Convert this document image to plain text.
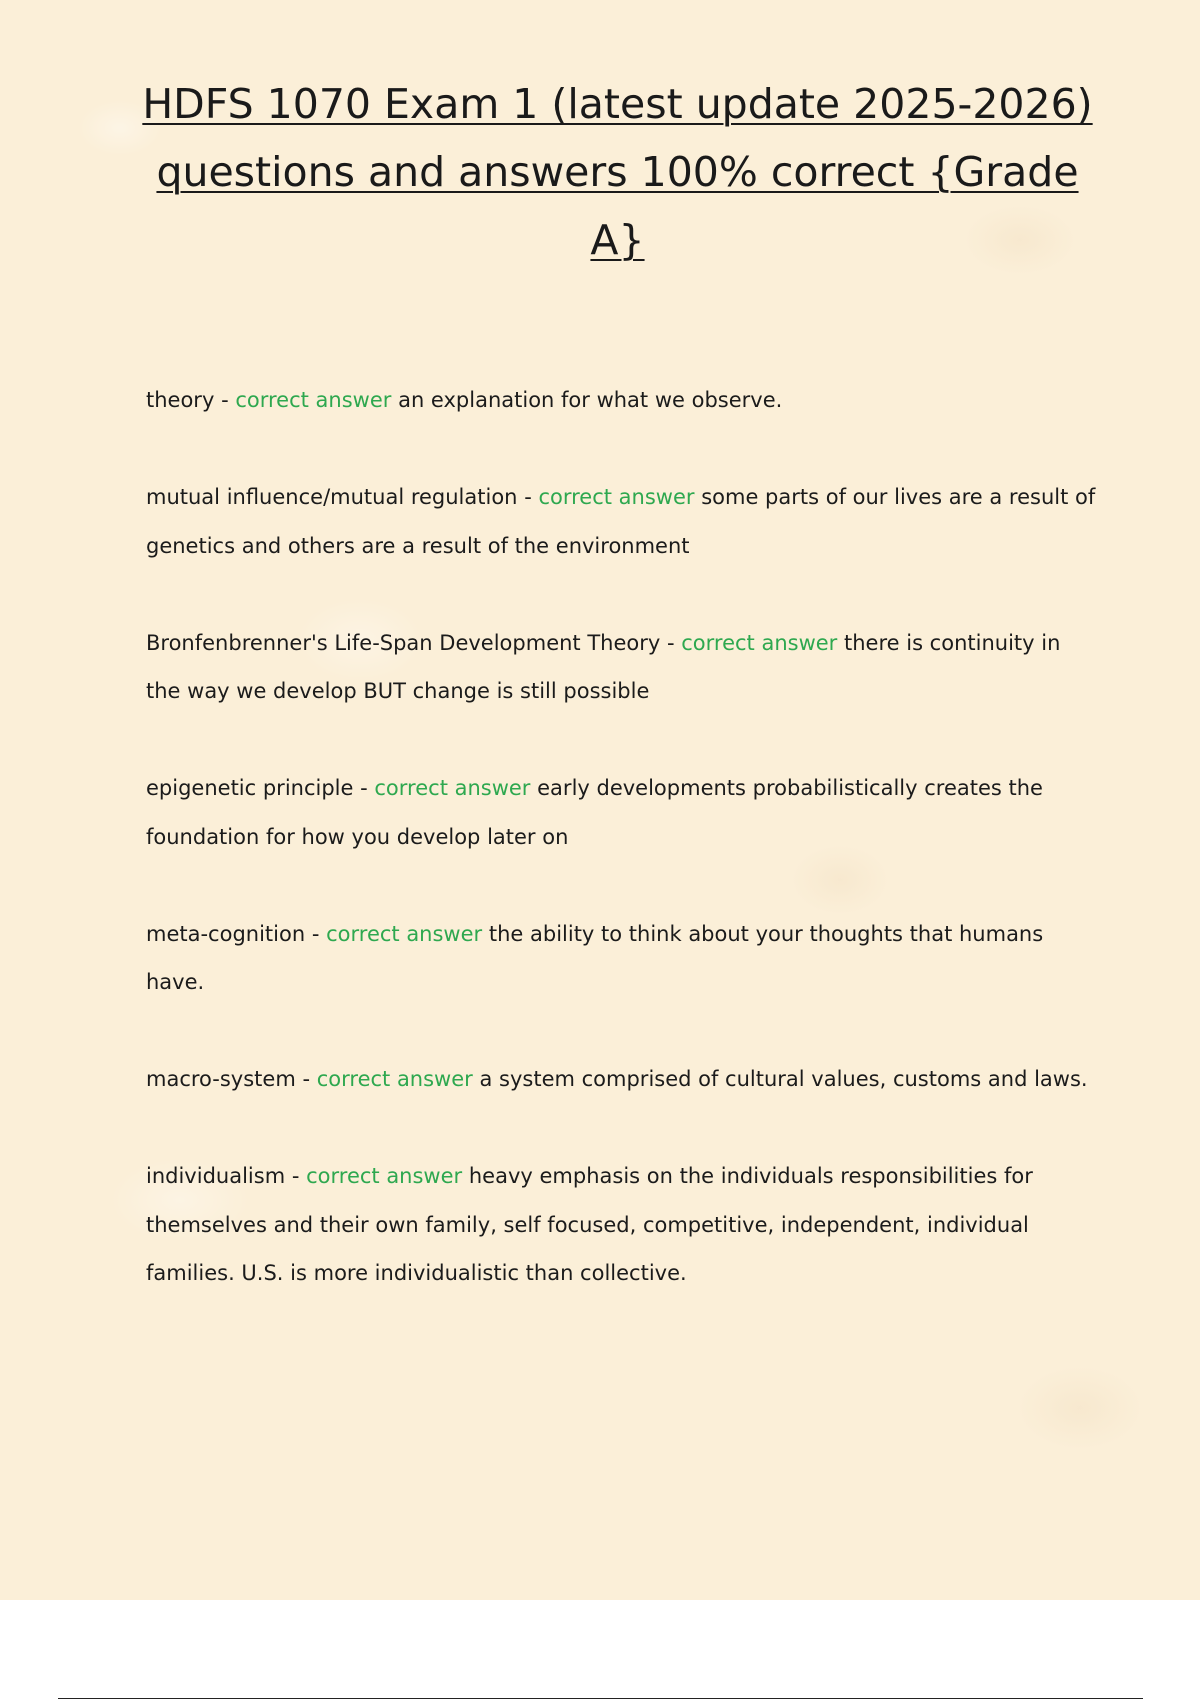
HDFS 1070 Exam 1 (latest update 2025-2026) questions and answers 100% correct {Grade A}

theory - correct answer an explanation for what we observe.

mutual influence/mutual regulation - correct answer some parts of our lives are a result of genetics and others are a result of the environment

Bronfenbrenner's Life-Span Development Theory - correct answer there is continuity in the way we develop BUT change is still possible

epigenetic principle - correct answer early developments probabilistically creates the foundation for how you develop later on

meta-cognition - correct answer the ability to think about your thoughts that humans have.

macro-system - correct answer a system comprised of cultural values, customs and laws.

individualism - correct answer heavy emphasis on the individuals responsibilities for themselves and their own family, self focused, competitive, independent, individual families. U.S. is more individualistic than collective.
